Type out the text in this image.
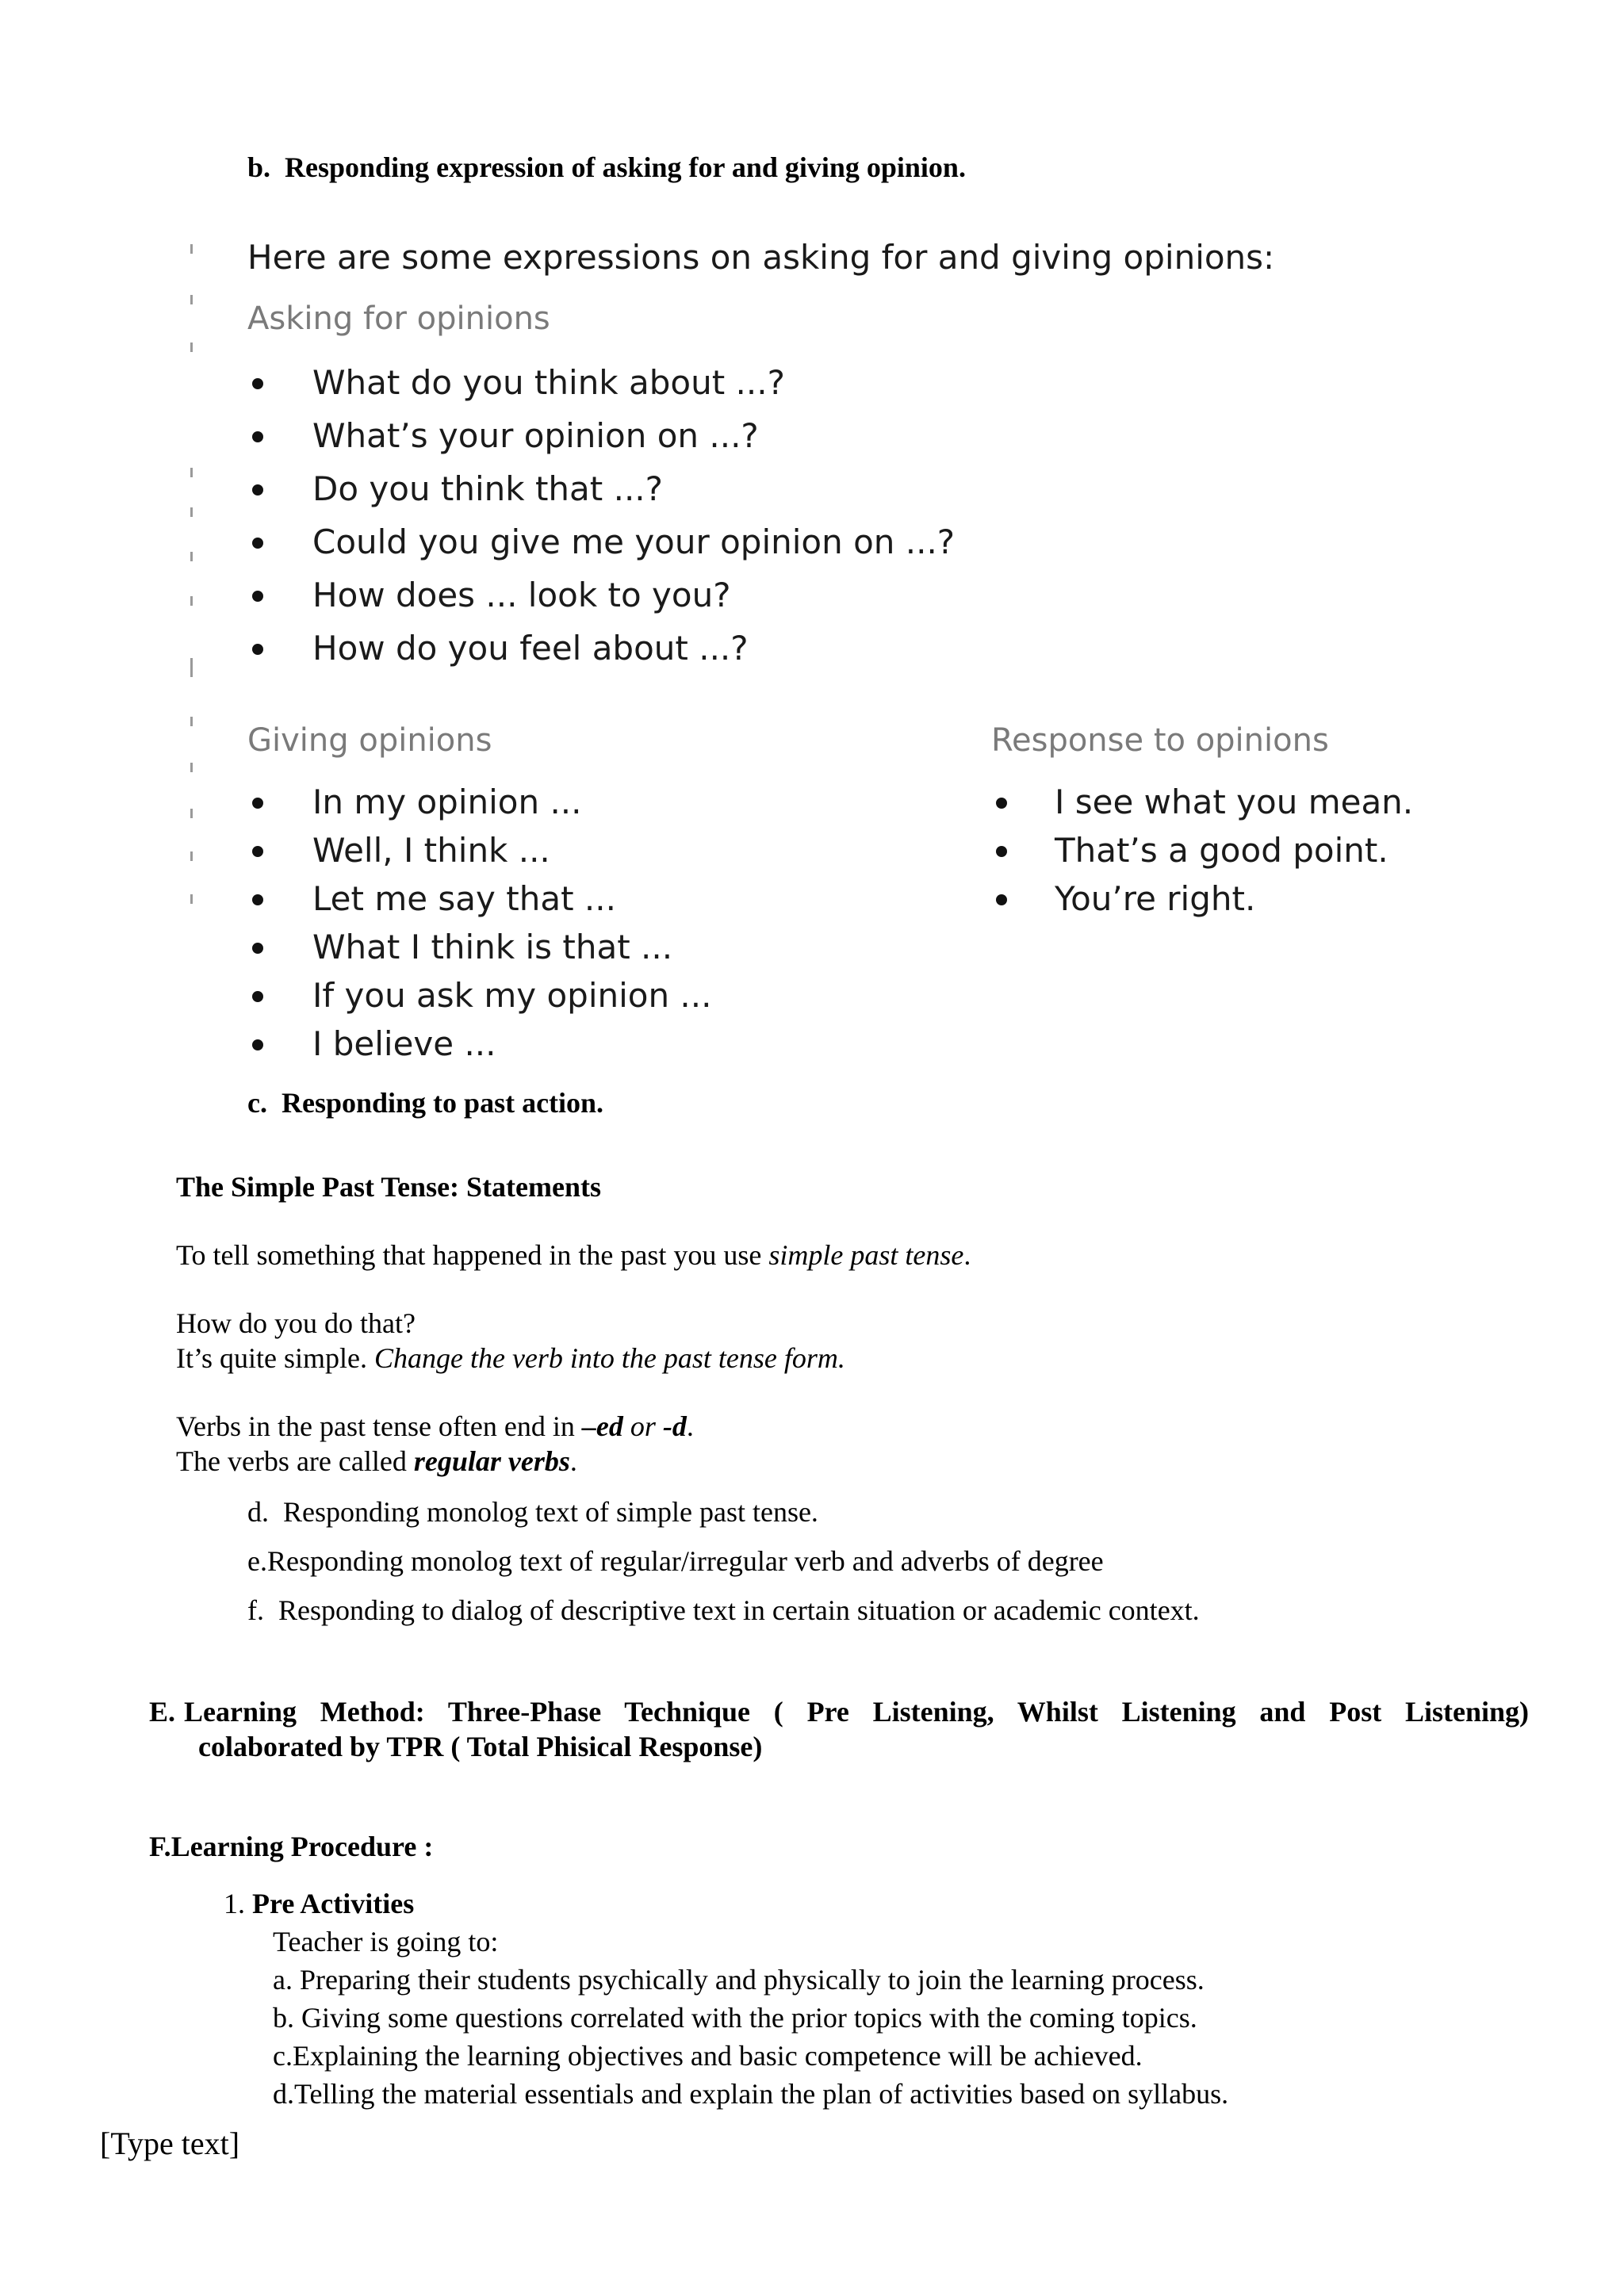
b. Responding expression of asking for and giving opinion.
Here are some expressions on asking for and giving opinions:
Asking for opinions
What do you think about ...?
What’s your opinion on ...?
Do you think that ...?
Could you give me your opinion on ...?
How does ... look to you?
How do you feel about ...?
Giving opinions
In my opinion ...
Well, I think ...
Let me say that ...
What I think is that ...
If you ask my opinion ...
I believe ...
Response to opinions
I see what you mean.
That’s a good point.
You’re right.
c. Responding to past action.
The Simple Past Tense: Statements
To tell something that happened in the past you use simple past tense.
How do you do that?
It’s quite simple. Change the verb into the past tense form.
Verbs in the past tense often end in –ed or -d.
The verbs are called regular verbs.
d. Responding monolog text of simple past tense.
e.Responding monolog text of regular/irregular verb and adverbs of degree
f. Responding to dialog of descriptive text in certain situation or academic context.
E. Learning Method: Three-Phase Technique ( Pre Listening, Whilst Listening and Post Listening)
colaborated by TPR ( Total Phisical Response)
F.Learning Procedure :
1. Pre Activities
Teacher is going to:
a. Preparing their students psychically and physically to join the learning process.
b. Giving some questions correlated with the prior topics with the coming topics.
c.Explaining the learning objectives and basic competence will be achieved.
d.Telling the material essentials and explain the plan of activities based on syllabus.
[Type text]
